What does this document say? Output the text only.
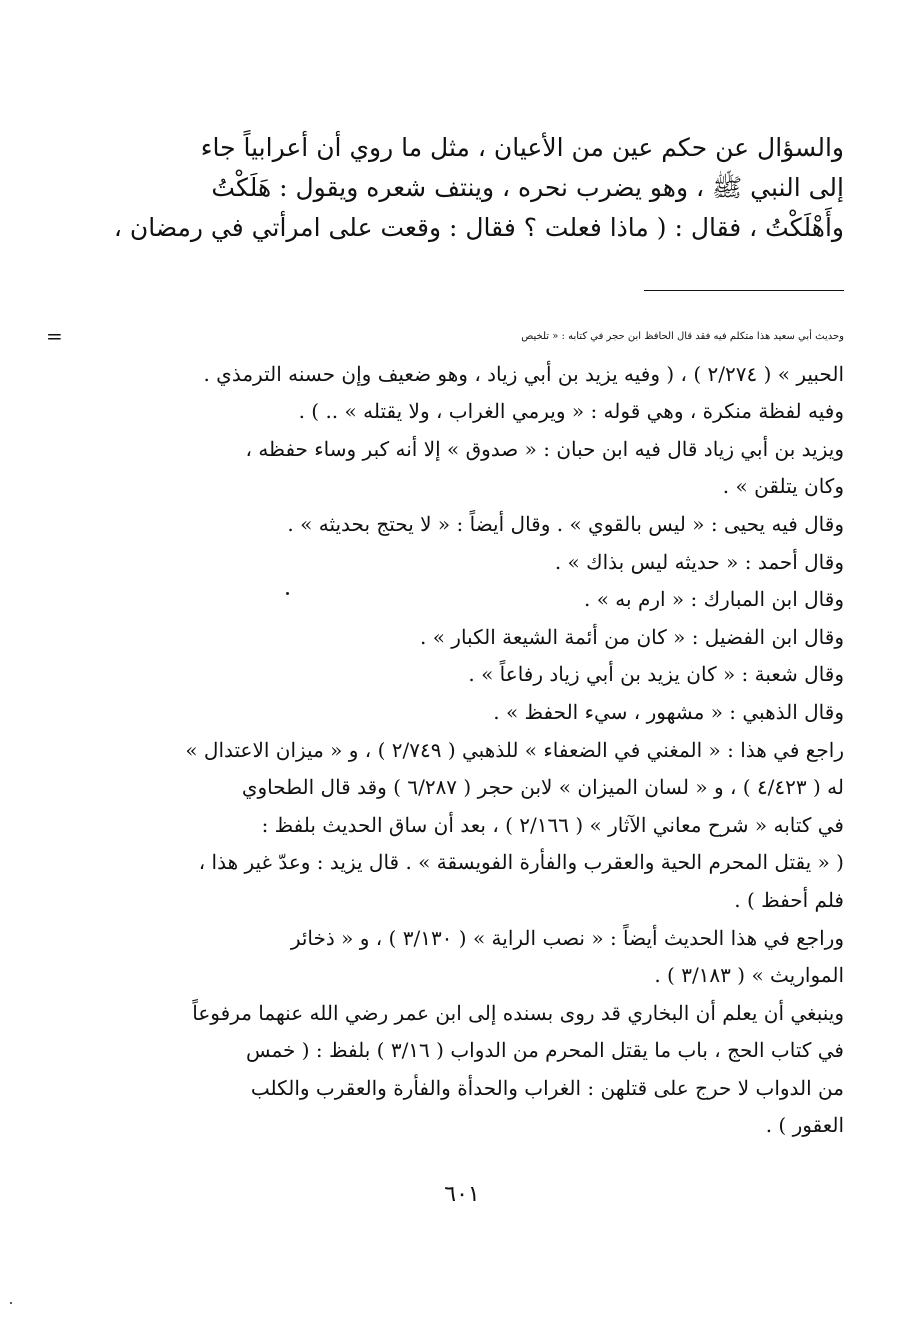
والسؤال عن حكم عين من الأعيان ، مثل ما روي أن أعرابياً جاء
إلى النبي ﷺ ، وهو يضرب نحره ، وينتف شعره ويقول : هَلَكْتُ
وأَهْلَكْتُ ، فقال : ( ماذا فعلت ؟ فقال : وقعت على امرأتي في رمضان ،
وحديث أبي سعيد هذا متكلم فيه فقد قال الحافظ ابن حجر في كتابه : « تلخيص
=
الحبير » ( ٢/٢٧٤ ) ، ( وفيه يزيد بن أبي زياد ، وهو ضعيف وإن حسنه الترمذي .
وفيه لفظة منكرة ، وهي قوله : « ويرمي الغراب ، ولا يقتله » .. ) .
ويزيد بن أبي زياد قال فيه ابن حبان : « صدوق » إلا أنه كبر وساء حفظه ،
وكان يتلقن » .
وقال فيه يحيى : « ليس بالقوي » . وقال أيضاً : « لا يحتج بحديثه » .
وقال أحمد : « حديثه ليس بذاك » .
وقال ابن المبارك : « ارم به » .
وقال ابن الفضيل : « كان من أئمة الشيعة الكبار » .
وقال شعبة : « كان يزيد بن أبي زياد رفاعاً » .
وقال الذهبي : « مشهور ، سيء الحفظ » .
راجع في هذا : « المغني في الضعفاء » للذهبي ( ٢/٧٤٩ ) ، و « ميزان الاعتدال »
له ( ٤/٤٢٣ ) ، و « لسان الميزان » لابن حجر ( ٦/٢٨٧ ) وقد قال الطحاوي
في كتابه « شرح معاني الآثار » ( ٢/١٦٦ ) ، بعد أن ساق الحديث بلفظ :
( « يقتل المحرم الحية والعقرب والفأرة الفويسقة » . قال يزيد : وعدّ غير هذا ،
فلم أحفظ ) .
وراجع في هذا الحديث أيضاً : « نصب الراية » ( ٣/١٣٠ ) ، و « ذخائر
المواريث » ( ٣/١٨٣ ) .
وينبغي أن يعلم أن البخاري قد روى بسنده إلى ابن عمر رضي الله عنهما مرفوعاً
في كتاب الحج ، باب ما يقتل المحرم من الدواب ( ٣/١٦ ) بلفظ : ( خمس
من الدواب لا حرج على قتلهن : الغراب والحدأة والفأرة والعقرب والكلب
العقور ) .
٦٠١
